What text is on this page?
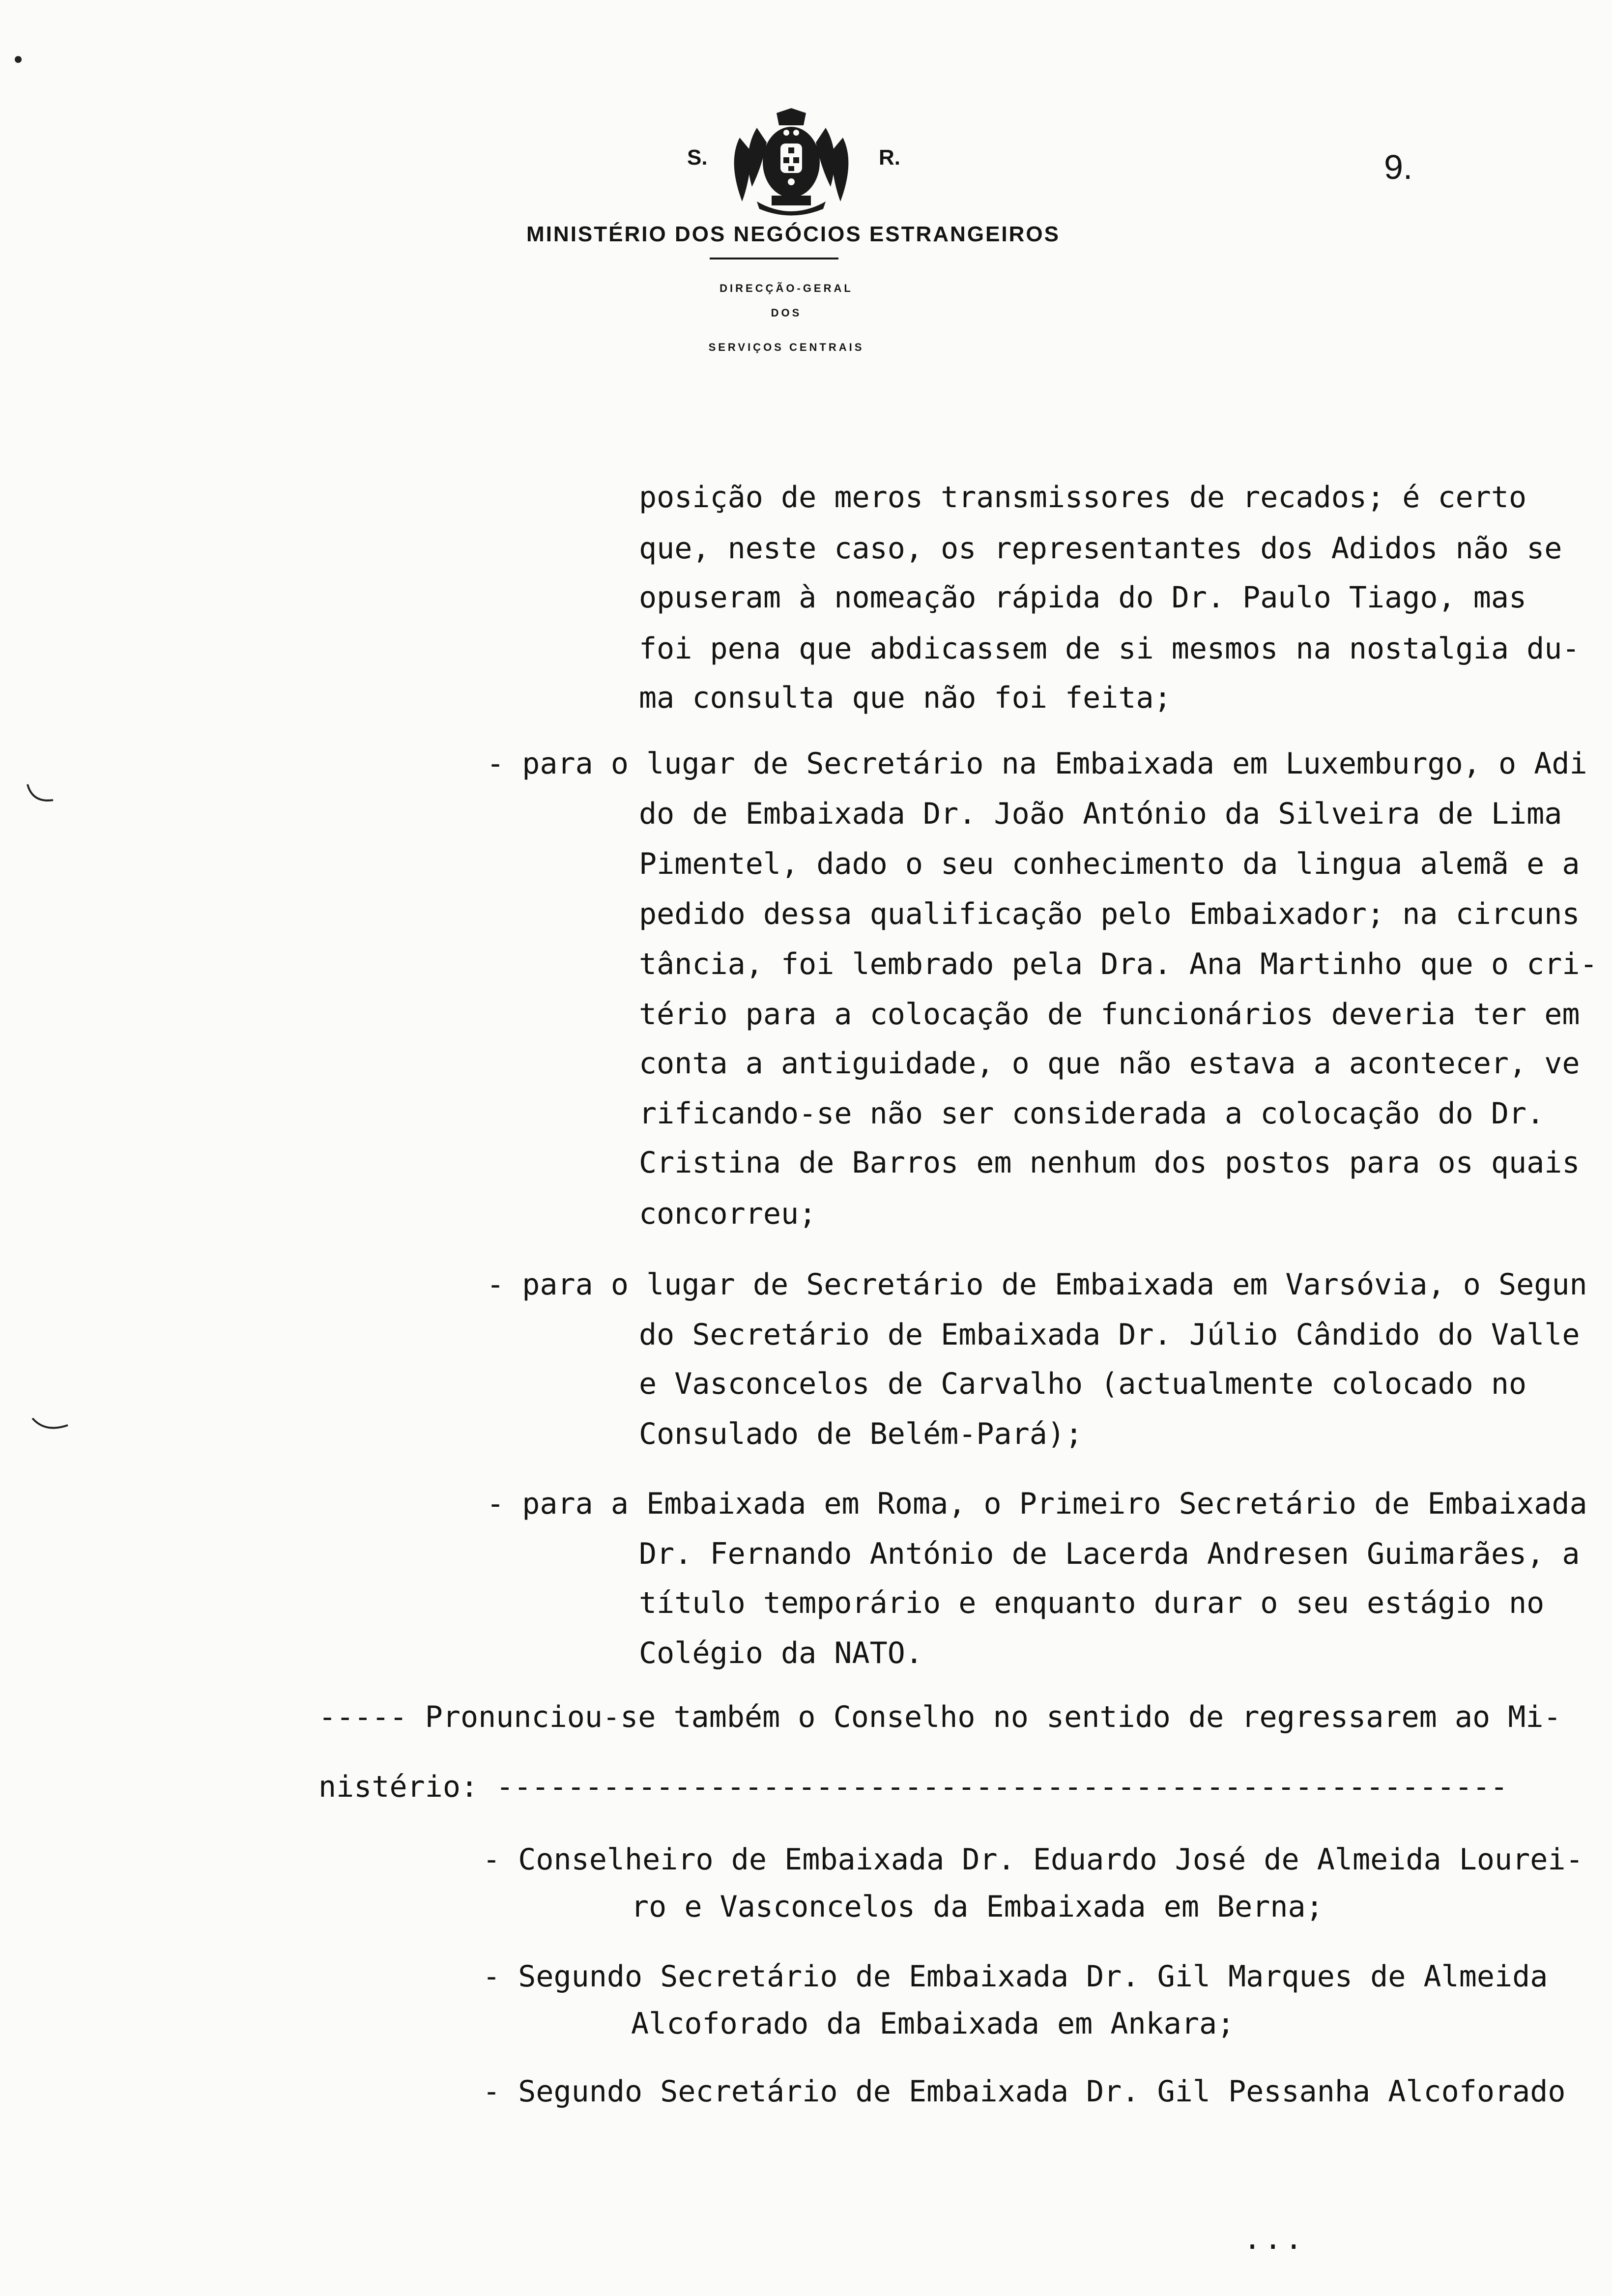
S.	R.
MINISTÉRIO DOS NEGÓCIOS ESTRANGEIROS
DIRECÇÃO-GERAL
DOS
SERVIÇOS CENTRAIS
9.
posição de meros transmissores de recados; é certo
que, neste caso, os representantes dos Adidos não se
opuseram à nomeação rápida do Dr. Paulo Tiago, mas
foi pena que abdicassem de si mesmos na nostalgia du-
ma consulta que não foi feita;
- para o lugar de Secretário na Embaixada em Luxemburgo, o Adi
do de Embaixada Dr. João António da Silveira de Lima
Pimentel, dado o seu conhecimento da lingua alemã e a
pedido dessa qualificação pelo Embaixador; na circuns
tância, foi lembrado pela Dra. Ana Martinho que o cri-
tério para a colocação de funcionários deveria ter em
conta a antiguidade, o que não estava a acontecer, ve
rificando-se não ser considerada a colocação do Dr.
Cristina de Barros em nenhum dos postos para os quais
concorreu;
- para o lugar de Secretário de Embaixada em Varsóvia, o Segun
do Secretário de Embaixada Dr. Júlio Cândido do Valle
e Vasconcelos de Carvalho (actualmente colocado no
Consulado de Belém-Pará);
- para a Embaixada em Roma, o Primeiro Secretário de Embaixada
Dr. Fernando António de Lacerda Andresen Guimarães, a
título temporário e enquanto durar o seu estágio no
Colégio da NATO.
----- Pronunciou-se também o Conselho no sentido de regressarem ao Mi-
nistério: ---------------------------------------------------------
- Conselheiro de Embaixada Dr. Eduardo José de Almeida Lourei-
ro e Vasconcelos da Embaixada em Berna;
- Segundo Secretário de Embaixada Dr. Gil Marques de Almeida
Alcoforado da Embaixada em Ankara;
- Segundo Secretário de Embaixada Dr. Gil Pessanha Alcoforado
...
